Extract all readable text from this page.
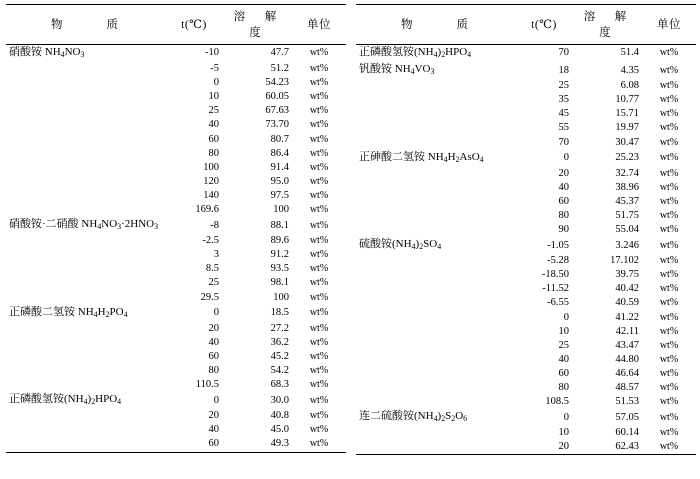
物　　质	t(℃)	溶　解　度	单位
硝酸铵 $NH_4NO_3$	-10	47.7	wt%
	-5	51.2	wt%
	0	54.23	wt%
	10	60.05	wt%
	25	67.63	wt%
	40	73.70	wt%
	60	80.7	wt%
	80	86.4	wt%
	100	91.4	wt%
	120	95.0	wt%
	140	97.5	wt%
	169.6	100	wt%
硝酸铵·二硝酸 $NH_4NO_3\cdot 2HNO_3$	-8	88.1	wt%
	-2.5	89.6	wt%
	3	91.2	wt%
	8.5	93.5	wt%
	25	98.1	wt%
	29.5	100	wt%
正磷酸二氢铵 $NH_4H_2PO_4$	0	18.5	wt%
	20	27.2	wt%
	40	36.2	wt%
	60	45.2	wt%
	80	54.2	wt%
	110.5	68.3	wt%
正磷酸氢铵$(NH_4)_2HPO_4$	0	30.0	wt%
	20	40.8	wt%
	40	45.0	wt%
	60	49.3	wt%
物　　质	t(℃)	溶　解　度	单位
正磷酸氢铵$(NH_4)_2HPO_4$	70	51.4	wt%
钒酸铵 $NH_4VO_3$	18	4.35	wt%
	25	6.08	wt%
	35	10.77	wt%
	45	15.71	wt%
	55	19.97	wt%
	70	30.47	wt%
正砷酸二氢铵 $NH_4H_2AsO_4$	0	25.23	wt%
	20	32.74	wt%
	40	38.96	wt%
	60	45.37	wt%
	80	51.75	wt%
	90	55.04	wt%
硫酸铵$(NH_4)_2SO_4$	-1.05	3.246	wt%
	-5.28	17.102	wt%
	-18.50	39.75	wt%
	-11.52	40.42	wt%
	-6.55	40.59	wt%
	0	41.22	wt%
	10	42.11	wt%
	25	43.47	wt%
	40	44.80	wt%
	60	46.64	wt%
	80	48.57	wt%
	108.5	51.53	wt%
连二硫酸铵$(NH_4)_2S_2O_6$	0	57.05	wt%
	10	60.14	wt%
	20	62.43	wt%
